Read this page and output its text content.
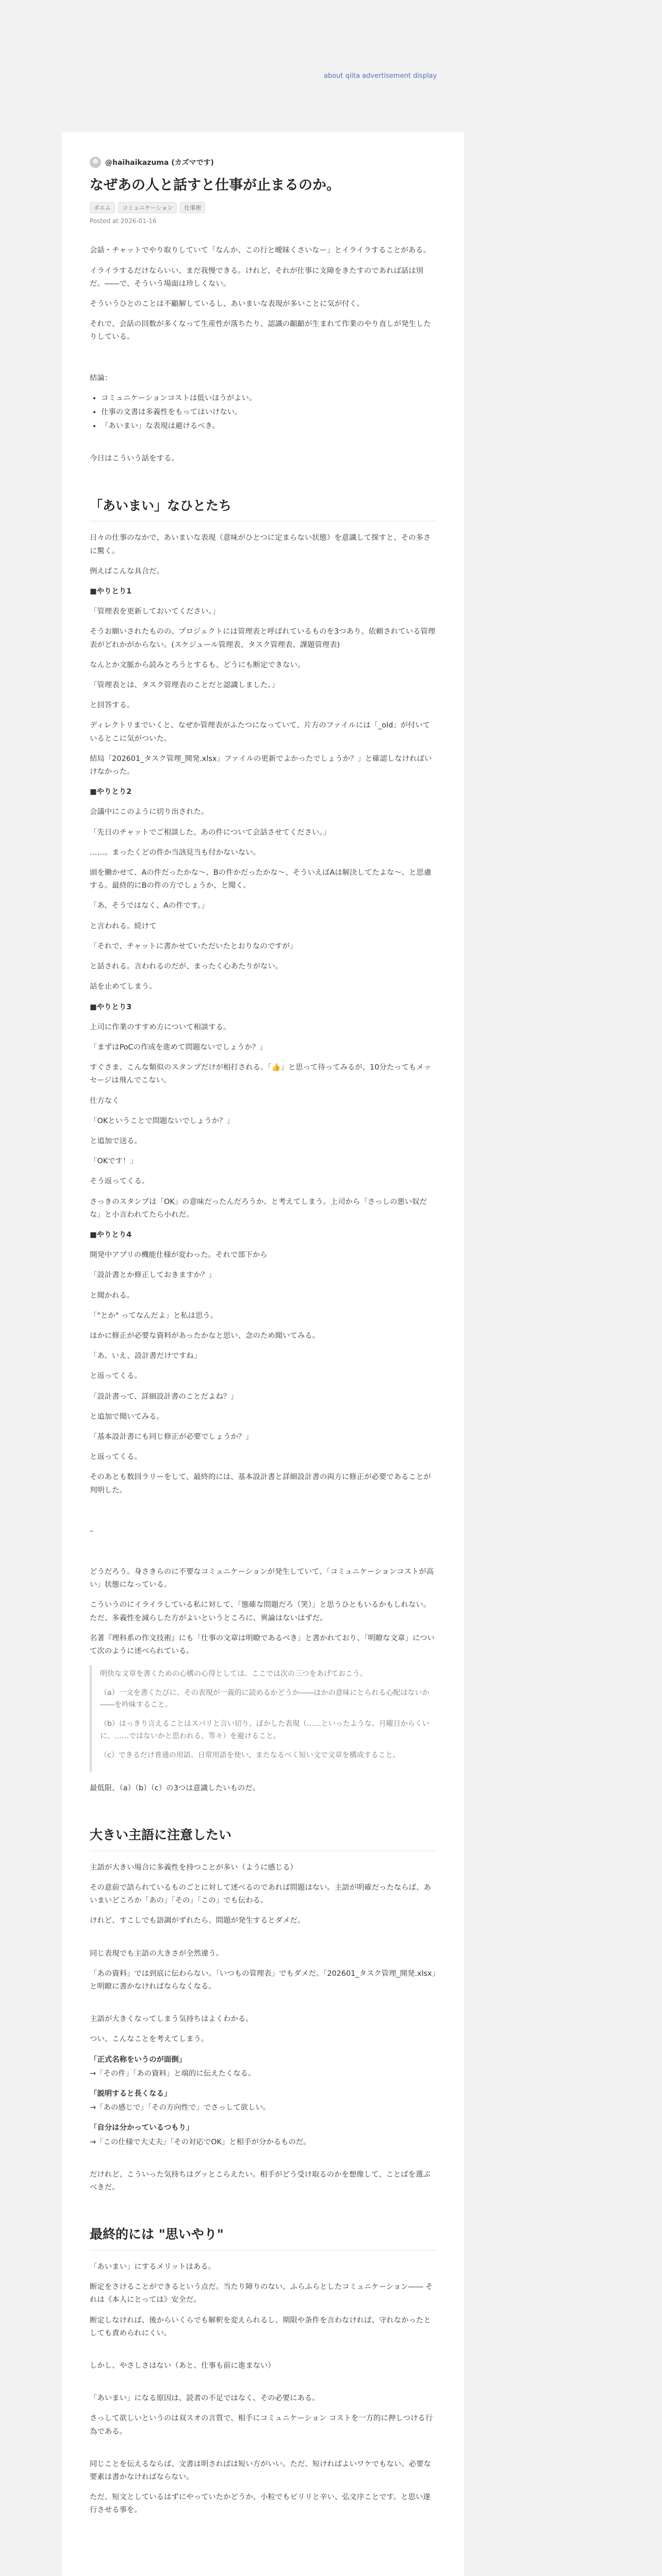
about qiita advertisement display
@haihaikazuma (カズマです)
なぜあの人と話すと仕事が止まるのか。
ポエム	コミュニケーション	仕事術
Posted at 2026-01-16

会話・チャットでやり取りしていて「なんか、この行と曖昧くさいなー」とイライラすることがある。

イライラするだけならいい、まだ我慢できる。けれど、それが仕事に支障をきたすのであれば話は別だ。――で、そういう場面は珍しくない。

そういうひとのことは不顧解しているし、あいまいな表現が多いことに気が付く。

それで、会話の回数が多くなって生産性が落ちたり、認識の齟齬が生まれて作業のやり直しが発生したりしている。

結論：

• コミュニケーションコストは低いほうがよい。
• 仕事の文書は多義性をもってはいけない。
• 「あいまい」な表現は避けるべき。

今日はこういう話をする。

「あいまい」なひとたち

日々の仕事のなかで、あいまいな表現（意味がひとつに定まらない状態）を意識して探すと、その多さに驚く。

例えばこんな具合だ。

■やりとり1

「管理表を更新しておいてください。」

そうお願いされたものの、プロジェクトには管理表と呼ばれているものを3つあり、依頼されている管理表がどれかがからない。(スケジュール管理表、タスク管理表、課題管理表)

なんとか文脈から読みとろうとするも、どうにも断定できない。

「管理表とは、タスク管理表のことだと認識しました。」

と回答する。

ディレクトリまでいくと、なぜか管理表がふたつになっていて、片方のファイルには「_old」が付いているとこに気がついた。

結局「202601_タスク管理_開発.xlsx」ファイルの更新でよかったでしょうか？」と確認しなければいけなかった。

■やりとり2

会議中にこのように切り出された。

「先日のチャットでご相談した、あの件について会話させてください。」

……。まったくどの件か当該見当も付かないない。

頭を働かせて、Aの件だったかな～、Bの件かだったかな～、そういえばAは解決してたよな～、と思慮する。最終的にBの件の方でしょうか、と聞く。

「あ、そうではなく、Aの件です。」

と言われる。続けて

「それで、チャットに書かせていただいたとおりなのですが」

と話される。言われるのだが、まったく心あたりがない。

話を止めてしまう。

■やりとり3

上司に作業のすすめ方について相談する。

「まずはPoCの作成を進めて問題ないでしょうか？」

すぐさま、こんな類似のスタンプだけが相打される。「👍」と思って待ってみるが、10分たってもメッセージは飛んでこない。

仕方なく

「OKということで問題ないでしょうか？」

と追加で送る。

「OKです！」

そう返ってくる。

さっきのスタンプは「OK」の意味だったんだろうか、と考えてしまう。上司から「さっしの悪い奴だな」と小言われてたら小れだ。

■やりとり4

開発中アプリの機能仕様が変わった。それで部下から

「設計書とか修正しておきますか？」

と聞かれる。

「"とか" ってなんだよ」と私は思う。

ほかに修正が必要な資料があったかなと思い、念のため聞いてみる。

「あ、いえ、設計書だけですね」

と返ってくる。

「設計書って、詳細設計書のことだよね？」

と追加で聞いてみる。

「基本設計書にも同じ修正が必要でしょうか？」

と返ってくる。

そのあとも数回ラリーをして、最終的には、基本設計書と詳細設計書の両方に修正が必要であることが判明した。

–

どうだろう。身さきらのに不要なコミュニケーションが発生していて、「コミュニケーションコストが高い」状態になっている。

こういうのにイライラしている私に対して、「態確な問題だろ（笑）」と思うひともいるかもしれない。ただ、多義性を減らした方がよいというところに、異論はないはずだ。

名著『理科系の作文技術』にも「仕事の文章は明瞭であるべき」と書かれており、「明瞭な文章」について次のように述べられている。

明快な文章を書くための心構の心得としては、ここでは次の三つをあげておこう。

（a）一文を書くたびに、その表現が一義的に読めるかどうか――ほかの意味にとられる心配はないか――を吟味すること。

（b）はっきり言えることはスパリと言い切り、ぼかした表現（……といったような、月曜日からくいに、……ではないかと思われる、等々）を避けること。

（c）できるだけ普通の用語、日常用語を使い、またなるべく短い文で文章を構成すること。

最低限、（a）（b）（c）の3つは意識したいものだ。

大きい主語に注意したい

主語が大きい場合に多義性を持つことが多い（ように感じる）

その意前で語られているものごとに対して述べるのであれば問題はない。主語が明確だったならば、あいまいどころか「あの」「その」「この」でも伝わる。

けれど、すこしでも語調がずれたら、問題が発生するとダメだ。

同じ表現でも主語の大きさが全然違う。

「あの資料」では到底に伝わらない。「いつもの管理表」でもダメだ。「202601_タスク管理_開発.xlsx」と明瞭に書かなければならなくなる。

主語が大きくなってしまう気持ちはよくわかる。

つい、こんなことを考えてしまう。

「正式名称をいうのが面倒」

→「その件」「あの資料」と端的に伝えたくなる。

「説明すると長くなる」

→「あの感じで」「その方向性で」でさっして欲しい。

「自分は分かっているつもり」

→「この仕様で大丈夫」「その対応でOK」と相手が分かるものだ。

だけれど、こういった気持ちはグッとこらえたい。相手がどう受け取るのかを想像して、ことばを選ぶべきだ。

最終的には "思いやり"

「あいまい」にするメリットはある。

断定をさけることができるという点だ。当たり障りのない、ふらふらとしたコミュニケーション―― それは《本人にとっては》安全だ。

断定しなければ、後からいくらでも解釈を変えられるし、期限や条件を言わなければ、守れなかったとしても責められにくい。

しかし、やさしさはない（あと、仕事も前に進まない）

「あいまい」になる原因は、読者の不足ではなく、その必要にある。

さっして欲しいというのは双スオの言質で、相手にコミュニケーション コストを一方的に押しつける行為である。

同じことを伝えるならば、文書は明さればは短い方がいい。ただ、短ければよいワケでもない。必要な要素は書かなければならない。

ただ、短文としているはずにやっていたかどうか、小粒でもピリリと辛い、弘文序ことです。と思い遂行させる事を。
